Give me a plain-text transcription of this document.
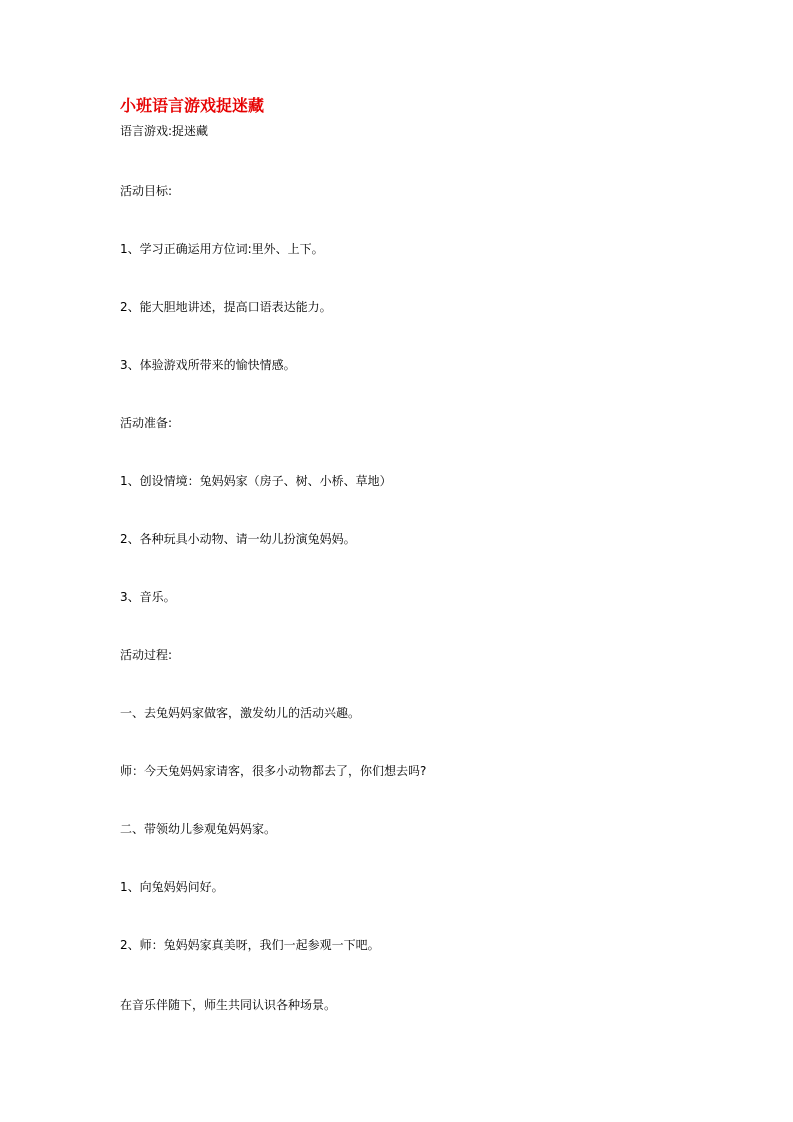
小班语言游戏捉迷藏
语言游戏:捉迷藏
活动目标:
1、学习正确运用方位词:里外、上下。
2、能大胆地讲述，提高口语表达能力。
3、体验游戏所带来的愉快情感。
活动准备:
1、创设情境：兔妈妈家（房子、树、小桥、草地）
2、各种玩具小动物、请一幼儿扮演兔妈妈。
3、音乐。
活动过程:
一、去兔妈妈家做客，激发幼儿的活动兴趣。
师：今天兔妈妈家请客，很多小动物都去了，你们想去吗?
二、带领幼儿参观兔妈妈家。
1、向兔妈妈问好。
2、师：兔妈妈家真美呀，我们一起参观一下吧。
在音乐伴随下，师生共同认识各种场景。
